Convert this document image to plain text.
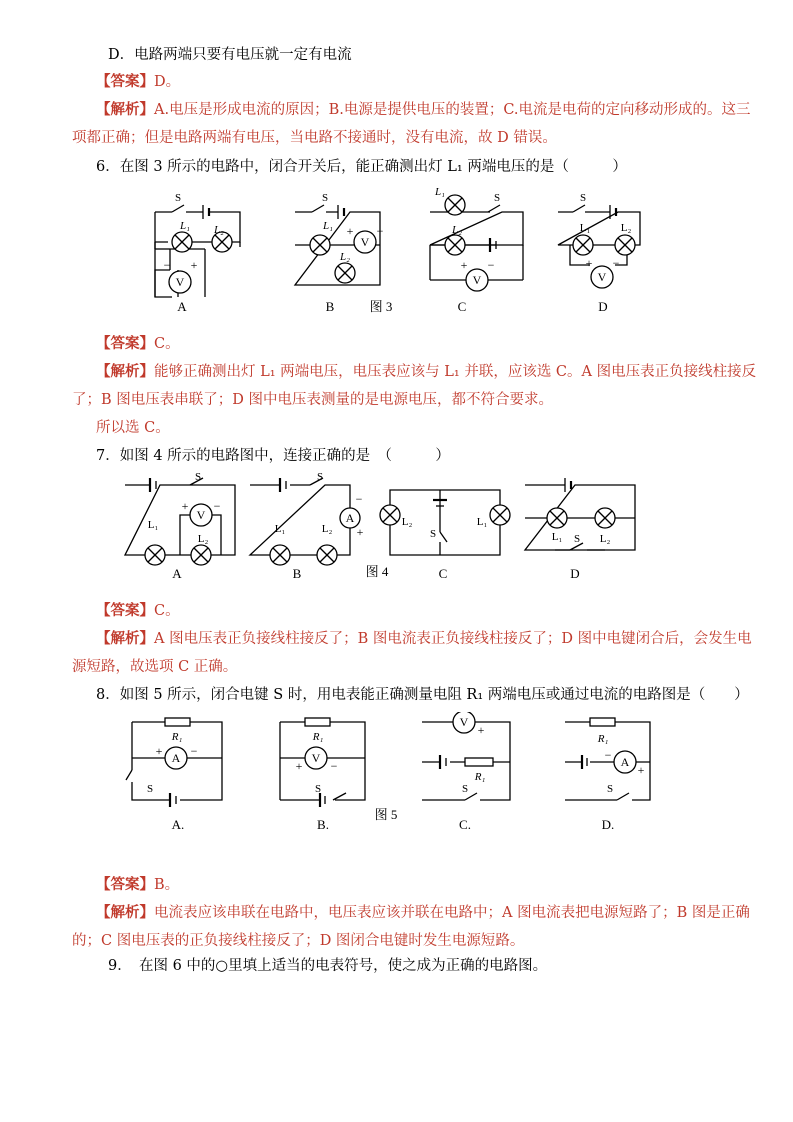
D．电路两端只要有电压就一定有电流
【答案】D。
【解析】A.电压是形成电流的原因；B.电源是提供电压的装置；C.电流是电荷的定向移动形成的。这三
项都正确；但是电路两端有电压，当电路不接通时，没有电流，故 D 错误。
6．在图 3 所示的电路中，闭合开关后，能正确测出灯 L₁ 两端电压的是（　　　）
V
V
V	V
S	S	S	S
L₁ L₂	L₁
L₂
L₁
L₂	L₁	L₂
− +
+ −
+ −	+ −
A	B	图 3	C	D
【答案】C。
【解析】能够正确测出灯 L₁ 两端电压，电压表应该与 L₁ 并联，应该选 C。A 图电压表正负接线柱接反
了；B 图电压表串联了；D 图中电压表测量的是电源电压，都不符合要求。
所以选 C。
7．如图 4 所示的电路图中，连接正确的是　（　　　）
V	A
S	S
S	S
L₁
L₂
L₁	L₂
L₂	L₁
L₁	L₂
+ −	−
+
A	B	图 4	C	D
【答案】C。
【解析】A 图电压表正负接线柱接反了；B 图电流表正负接线柱接反了；D 图中电键闭合后，会发生电
源短路，故选项 C 正确。
8．如图 5 所示，闭合电键 S 时，用电表能正确测量电阻 R₁ 两端电压或通过电流的电路图是（　　）
A	V
V
A
R₁	R₁
R₁
R₁
S	S	S	S
+ −
+ −
−
+
−
+
A.	B.
图 5
C.	D.
【答案】B。
【解析】电流表应该串联在电路中，电压表应该并联在电路中；A 图电流表把电源短路了；B 图是正确
的；C 图电压表的正负接线柱接反了；D 图闭合电键时发生电源短路。
9．　在图 6 中的○里填上适当的电表符号，使之成为正确的电路图。
